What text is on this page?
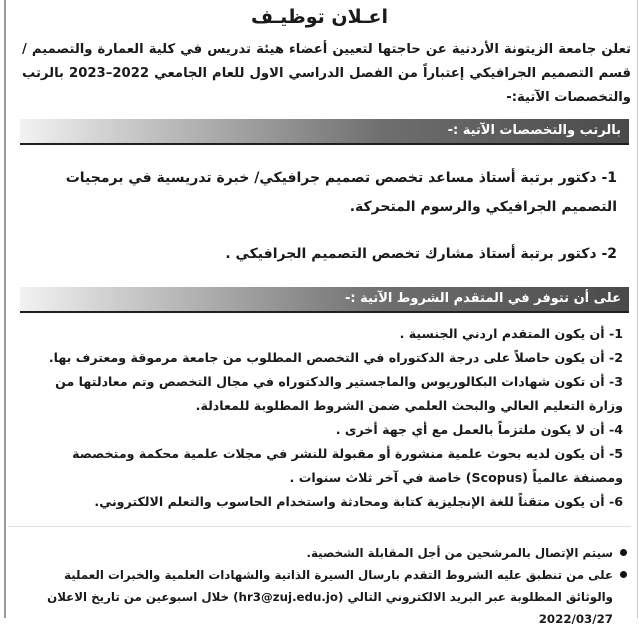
اعـلان توظيـف
تعلن جامعة الزيتونة الأردنية عن حاجتها لتعيين أعضاء هيئة تدريس في كلية العمارة والتصميم / قسم التصميم الجرافيكي إعتباراً من الفصل الدراسي الاول للعام الجامعي 2022–2023 بالرتب والتخصصات الآتية:-
بالرتب والتخصصات الآتية :-
1- دكتور برتبة أستاذ مساعد تخصص تصميم جرافيكي/ خبرة تدريسية في برمجيات التصميم الجرافيكي والرسوم المتحركة.
2- دكتور برتبة أستاذ مشارك تخصص التصميم الجرافيكي .
على أن تتوفر في المتقدم الشروط الآتية :-
1- أن يكون المتقدم اردني الجنسية .
2- أن يكون حاصلاً على درجة الدكتوراه في التخصص المطلوب من جامعة مرموقة ومعترف بها.
3- أن تكون شهادات البكالوريوس والماجستير والدكتوراه في مجال التخصص وتم معادلتها من وزارة التعليم العالي والبحث العلمي ضمن الشروط المطلوبة للمعادلة.
4- أن لا يكون ملتزماً بالعمل مع أي جهة أخرى .
5- أن يكون لديه بحوث علمية منشورة أو مقبولة للنشر في مجلات علمية محكمة ومتخصصة ومصنفة عالمياً (Scopus) خاصة في آخر ثلاث سنوات .
6- أن يكون متقناً للغة الإنجليزية كتابة ومحادثة واستخدام الحاسوب والتعلم الالكتروني.
سيتم الإتصال بالمرشحين من أجل المقابلة الشخصية.
على من تنطبق عليه الشروط التقدم بارسال السيرة الذاتية والشهادات العلمية والخبرات العملية والوثائق المطلوبة عبر البريد الالكتروني التالي (hr3@zuj.edu.jo) خلال اسبوعين من تاريخ الاعلان 2022/03/27
